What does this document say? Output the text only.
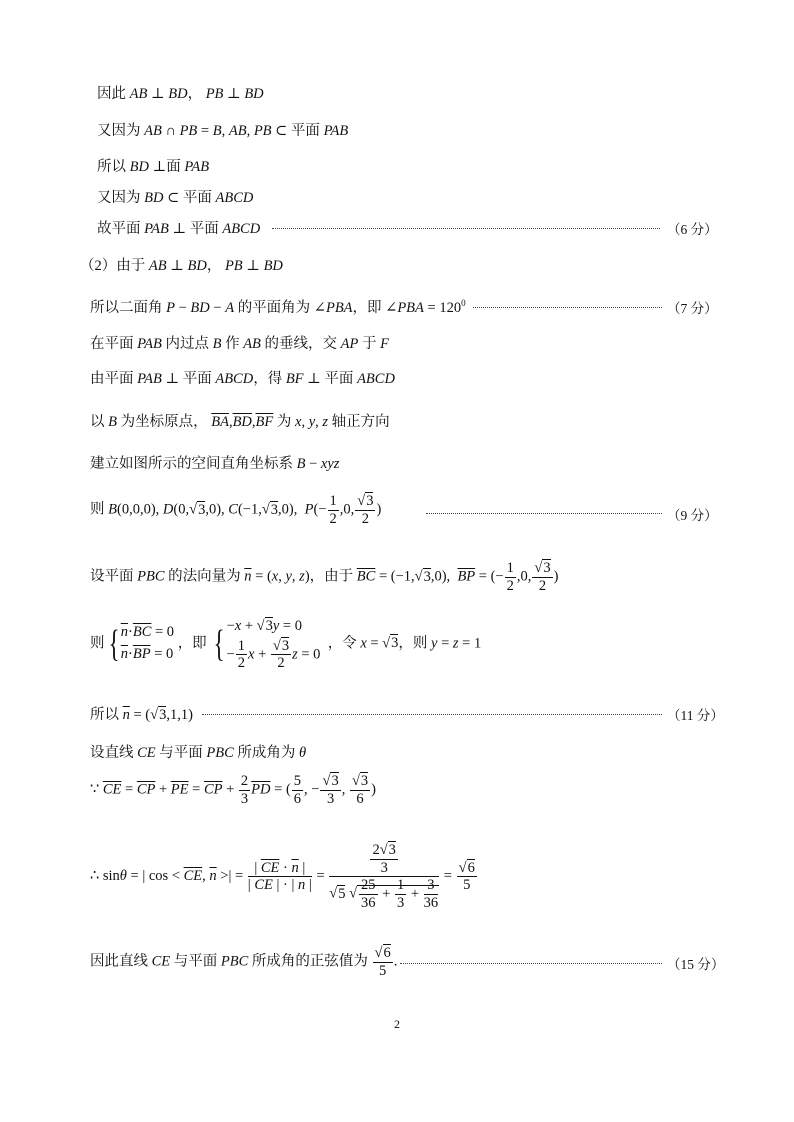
因此 AB ⊥ BD， PB ⊥ BD
又因为 AB ∩ PB = B, AB, PB ⊂ 平面 PAB
所以 BD ⊥面 PAB
又因为 BD ⊂ 平面 ABCD
故平面 PAB ⊥ 平面 ABCD	（6 分）
（2）由于 AB ⊥ BD， PB ⊥ BD
所以二面角 P − BD − A 的平面角为 ∠PBA，即 ∠PBA = $120^0$	（7 分）
在平面 PAB 内过点 B 作 AB 的垂线，交 AP 于 F
由平面 PAB ⊥ 平面 ABCD，得 BF ⊥ 平面 ABCD
以 B 为坐标原点， $\overline{BA},\overline{BD},\overline{BF}$ 为 x, y, z 轴正方向
建立如图所示的空间直角坐标系 B − xyz
则 B(0,0,0), D(0,√3,0), C(−1,√3,0),  $P(- \frac{1}{2} ,0$, $\frac{√3}{2}$ )	（9 分）
设平面 PBC 的法向量为 $\overline{n} = (x$, y, z)，由于 $\overline{BC} = (-1,√3,0)$,  $\overline{BP}$ = (− $\frac{1}{2} ,0$, $\frac{√3}{2}$ )
则{ $\overline{n}\cdot\overline{BC} = 0$
$\overline{n}\cdot\overline{BP} = 0$
，即 { −x + √3y = 0
− $\frac{1}{2}$ $x + \frac{√3}{2}$ z = 0
，令 x = √3，则 y = z = 1
所以 $\overline{n} = (√3,1,1)$	（11 分）
设直线 CE 与平面 PBC 所成角为 θ
∵ $\overline{CE} = \overline{CP} + \overline{PE} = \overline{CP} + \frac{2}{3} \overline{PD}$ = ( $\frac{5}{6}$ , − $\frac{√3}{3}$ , $\frac{√3}{6}$ )
∴ sinθ = | $\cos < \overline{CE}$, $\overline{n}$ >| = $\frac{| \overline{CE} \cdot \overline{n} |}{| \overline{CE} | \cdot | \overline{n} |} = \frac{\frac{2√3}{3}}{√5 √ \frac{25}{36} + \frac{1}{3} + \frac{3}{36}} = \frac{√6}{5}$
因此直线 CE 与平面 PBC 所成角的正弦值为 $\frac{√6}{5}$ .	（15 分）
2
